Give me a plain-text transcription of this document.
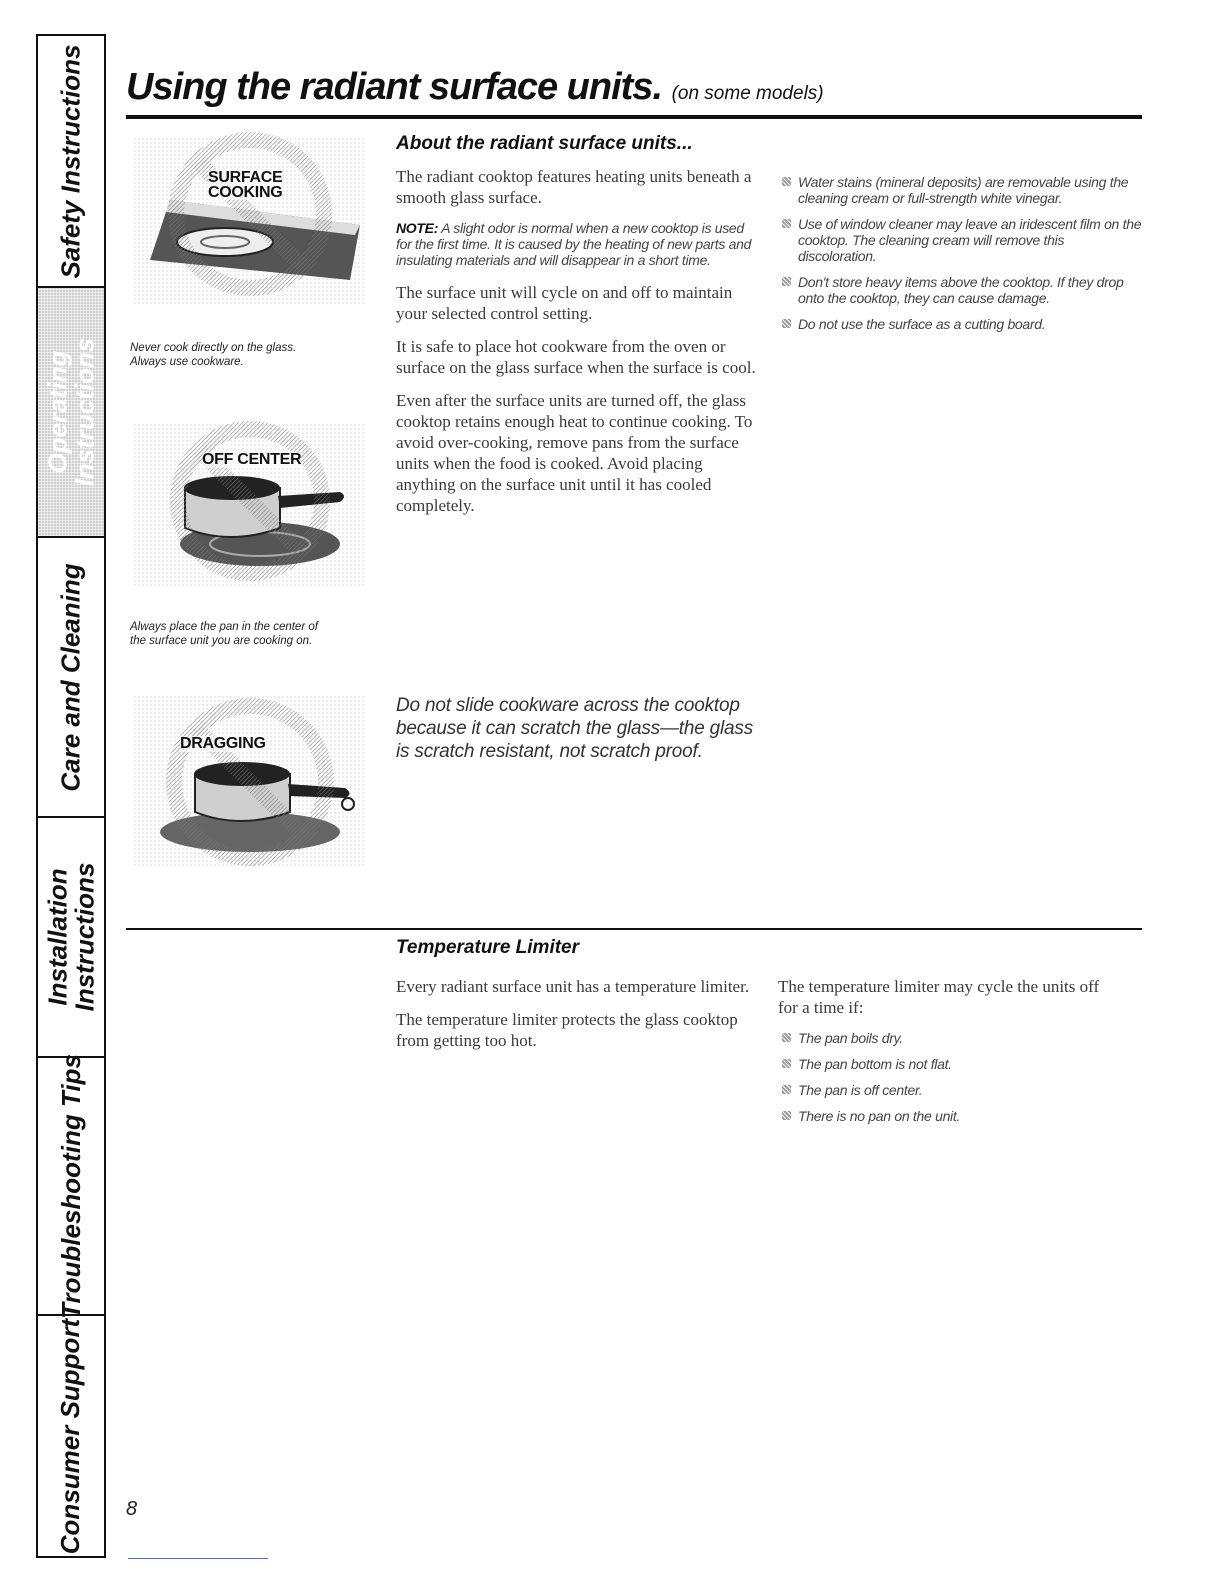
Safety Instructions
Operating Instructions
Care and Cleaning
Installation Instructions
Troubleshooting Tips
Consumer Support
Using the radiant surface units. (on some models)
SURFACE
COOKING

Never cook directly on the glass.
Always use cookware.

OFF CENTER

Always place the pan in the center of
the surface unit you are cooking on.

DRAGGING
About the radiant surface units...

The radiant cooktop features heating units beneath a smooth glass surface.

NOTE: A slight odor is normal when a new cooktop is used for the first time. It is caused by the heating of new parts and insulating materials and will disappear in a short time.

The surface unit will cycle on and off to maintain your selected control setting.

It is safe to place hot cookware from the oven or surface on the glass surface when the surface is cool.

Even after the surface units are turned off, the glass cooktop retains enough heat to continue cooking. To avoid over-cooking, remove pans from the surface units when the food is cooked. Avoid placing anything on the surface unit until it has cooled completely.

Water stains (mineral deposits) are removable using the cleaning cream or full-strength white vinegar.
Use of window cleaner may leave an iridescent film on the cooktop. The cleaning cream will remove this discoloration.
Don't store heavy items above the cooktop. If they drop onto the cooktop, they can cause damage.
Do not use the surface as a cutting board.

Do not slide cookware across the cooktop because it can scratch the glass—the glass is scratch resistant, not scratch proof.

Temperature Limiter

Every radiant surface unit has a temperature limiter.

The temperature limiter protects the glass cooktop from getting too hot.

The temperature limiter may cycle the units off for a time if:

The pan boils dry.
The pan bottom is not flat.
The pan is off center.
There is no pan on the unit.
8
